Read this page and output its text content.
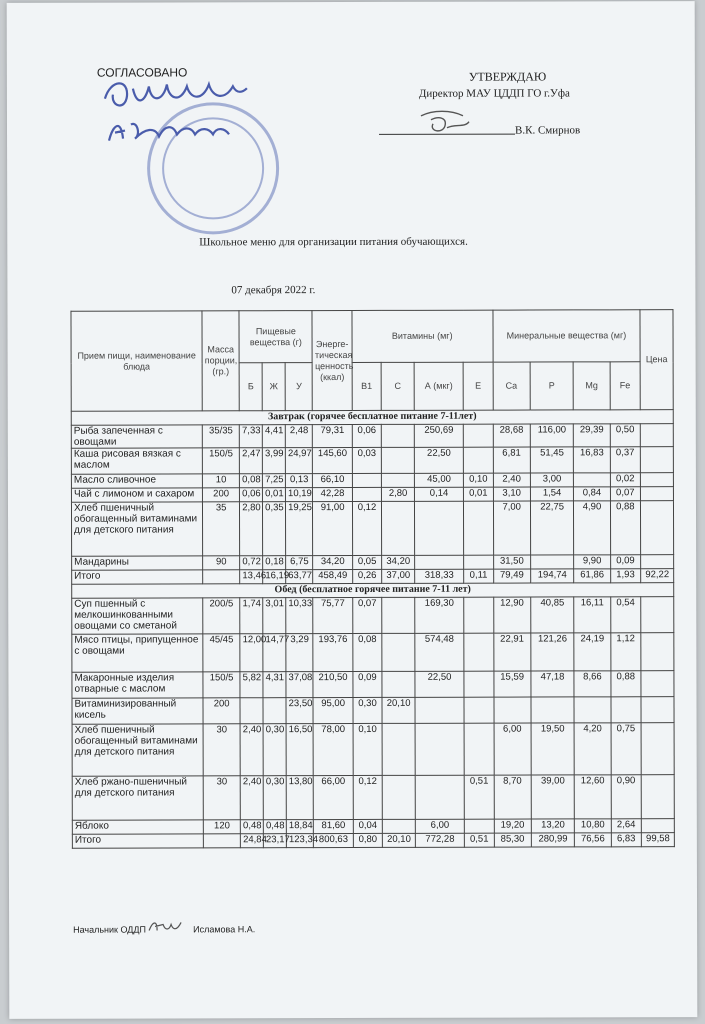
СОГЛАСОВАНО	УТВЕРЖДАЮ
Директор МАУ ЦДДП ГО г.Уфа
В.К. Смирнов
Школьное меню для организации питания обучающихся.
07 декабря 2022 г.
Прием пищи, наименование блюда	Масса порции, (гр.)	Пищевые вещества (г)			Энерге-тическая ценность (ккал)	Витамины (мг)				Минеральные вещества (мг)				Цена
		Б	Ж	У		B1	C	А (мкг)	E	Ca	P	Mg	Fe	
Завтрак (горячее бесплатное питание 7-11лет)														
Рыба запеченная с овощами	35/35	7,33	4,41	2,48	79,31	0,06		250,69		28,68	116,00	29,39	0,50	
Каша рисовая вязкая с маслом	150/5	2,47	3,99	24,97	145,60	0,03		22,50		6,81	51,45	16,83	0,37	
Масло сливочное	10	0,08	7,25	0,13	66,10			45,00	0,10	2,40	3,00		0,02	
Чай с лимоном и сахаром	200	0,06	0,01	10,19	42,28		2,80	0,14	0,01	3,10	1,54	0,84	0,07	
Хлеб пшеничный обогащенный витаминами для детского питания	35	2,80	0,35	19,25	91,00	0,12				7,00	22,75	4,90	0,88	
Мандарины	90	0,72	0,18	6,75	34,20	0,05	34,20			31,50		9,90	0,09	
Итого		13,46	16,19	63,77	458,49	0,26	37,00	318,33	0,11	79,49	194,74	61,86	1,93	92,22
Обед (бесплатное горячее питание 7-11 лет)														
Суп пшенный с мелкошинкованными овощами со сметаной	200/5	1,74	3,01	10,33	75,77	0,07		169,30		12,90	40,85	16,11	0,54	
Мясо птицы, припущенное с овощами	45/45	12,00	14,77	3,29	193,76	0,08		574,48		22,91	121,26	24,19	1,12	
Макаронные изделия отварные с маслом	150/5	5,82	4,31	37,08	210,50	0,09		22,50		15,59	47,18	8,66	0,88	
Витаминизированный кисель	200			23,50	95,00	0,30	20,10							
Хлеб пшеничный обогащенный витаминами для детского питания	30	2,40	0,30	16,50	78,00	0,10				6,00	19,50	4,20	0,75	
Хлеб ржано-пшеничный для детского питания	30	2,40	0,30	13,80	66,00	0,12			0,51	8,70	39,00	12,60	0,90	
Яблоко	120	0,48	0,48	18,84	81,60	0,04		6,00		19,20	13,20	10,80	2,64	
Итого		24,84	23,17	123,34	800,63	0,80	20,10	772,28	0,51	85,30	280,99	76,56	6,83	99,58
Начальник ОДДП	Исламова Н.А.
